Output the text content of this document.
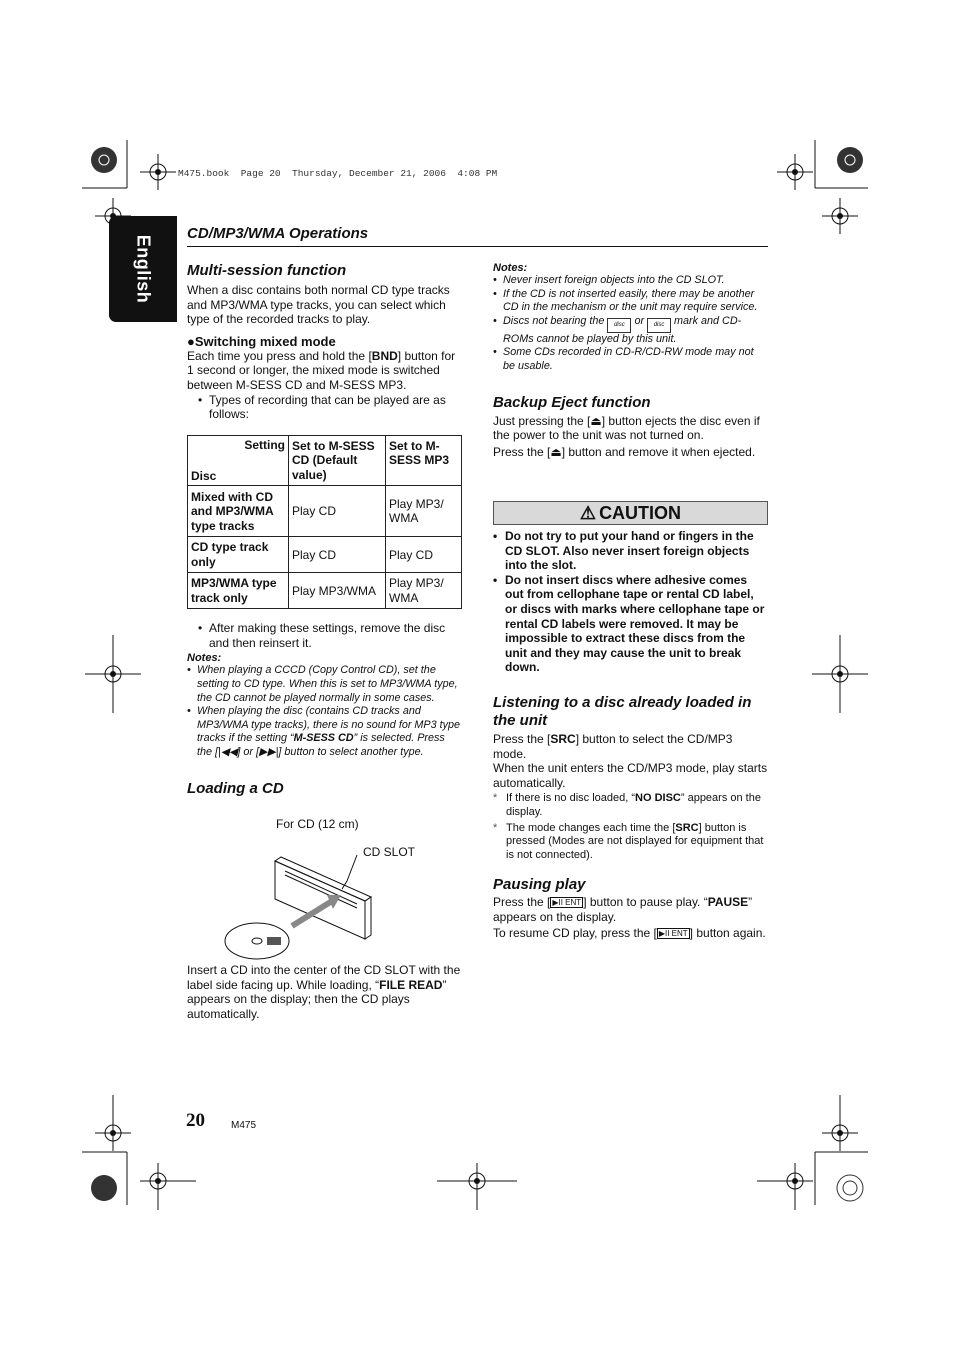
M475.book  Page 20  Thursday, December 21, 2006  4:08 PM
English
CD/MP3/WMA Operations
Multi-session function
When a disc contains both normal CD type tracks and MP3/WMA type tracks, you can select which type of the recorded tracks to play.
●Switching mixed mode
Each time you press and hold the [BND] button for 1 second or longer, the mixed mode is switched between M-SESS CD and M-SESS MP3.
• Types of recording that can be played are as follows:
Setting
Disc	Set to M-SESS CD (Default value)	Set to M-SESS MP3
Mixed with CD and MP3/WMA type tracks	Play CD	Play MP3/ WMA
CD type track only	Play CD	Play CD
MP3/WMA type track only	Play MP3/WMA	Play MP3/ WMA
• After making these settings, remove the disc and then reinsert it.
Notes:
• When playing a CCCD (Copy Control CD), set the setting to CD type. When this is set to MP3/WMA type, the CD cannot be played normally in some cases.
• When playing the disc (contains CD tracks and MP3/WMA type tracks), there is no sound for MP3 type tracks if the setting “M-SESS CD” is selected. Press the [|◀◀] or [▶▶|] button to select another type.
Loading a CD
For CD (12 cm)
CD SLOT
Insert a CD into the center of the CD SLOT with the label side facing up. While loading, “FILE READ” appears on the display; then the CD plays automatically.
Notes:
• Never insert foreign objects into the CD SLOT.
• If the CD is not inserted easily, there may be another CD in the mechanism or the unit may require service.
• Discs not bearing the disc or disc mark and CD-ROMs cannot be played by this unit.
• Some CDs recorded in CD-R/CD-RW mode may not be usable.
Backup Eject function
Just pressing the [⏏] button ejects the disc even if the power to the unit was not turned on.
Press the [⏏] button and remove it when ejected.
⚠ CAUTION
• Do not try to put your hand or fingers in the CD SLOT. Also never insert foreign objects into the slot.
• Do not insert discs where adhesive comes out from cellophane tape or rental CD label, or discs with marks where cellophane tape or rental CD labels were removed. It may be impossible to extract these discs from the unit and they may cause the unit to break down.
Listening to a disc already loaded in the unit
Press the [SRC] button to select the CD/MP3 mode.
When the unit enters the CD/MP3 mode, play starts automatically.
* If there is no disc loaded, “NO DISC” appears on the display.
* The mode changes each time the [SRC] button is pressed (Modes are not displayed for equipment that is not connected).
Pausing play
Press the [ ▶II ENT ] button to pause play. “PAUSE” appears on the display.
To resume CD play, press the [ ▶II ENT ] button again.
20	M475
